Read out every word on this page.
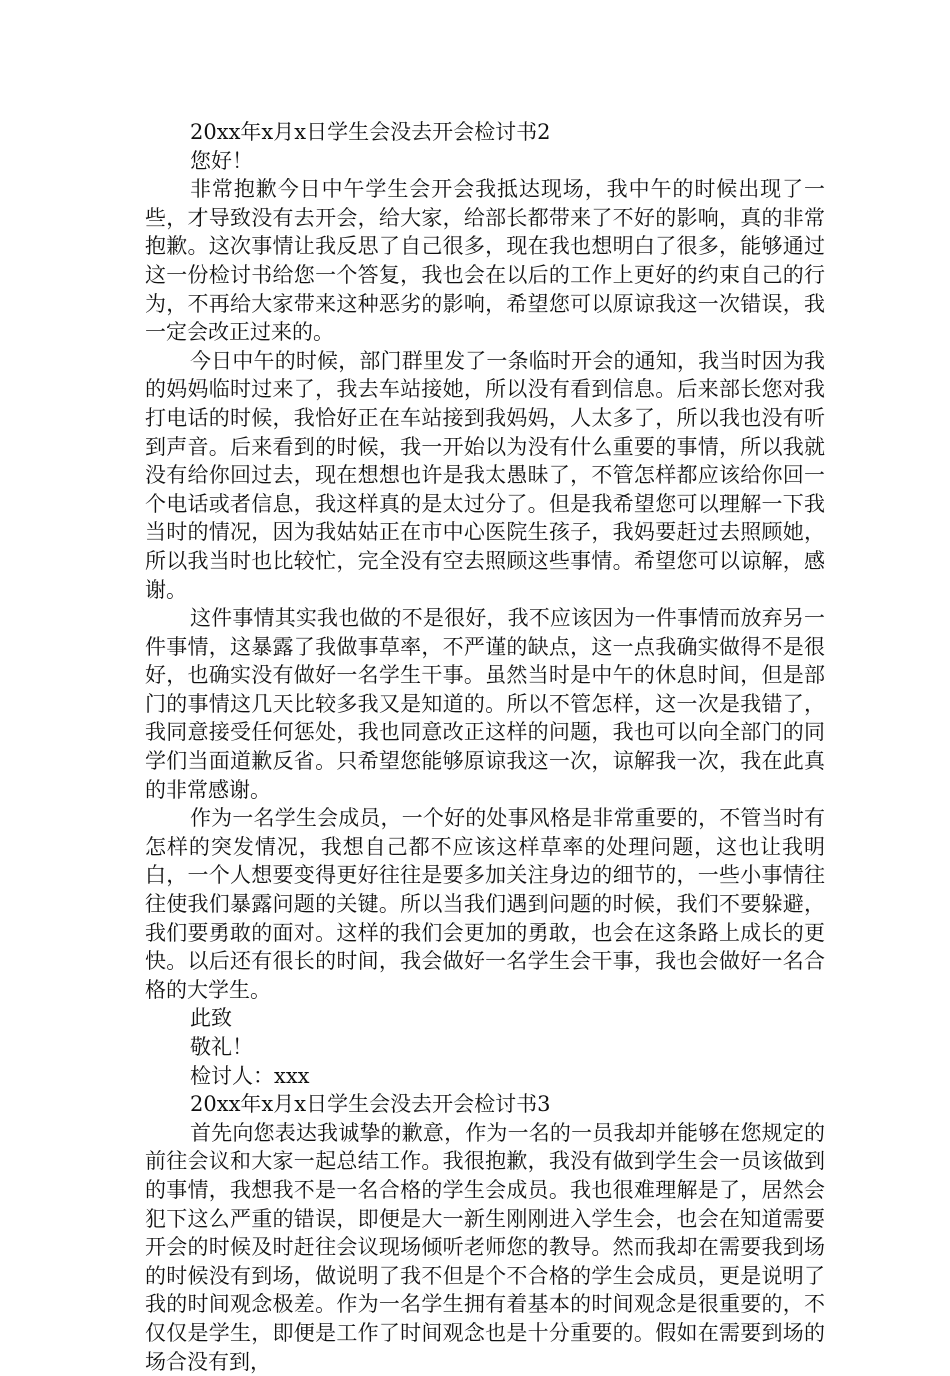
20xx年x月x日学生会没去开会检讨书2

您好！

非常抱歉今日中午学生会开会我抵达现场，我中午的时候出现了一些，才导致没有去开会，给大家，给部长都带来了不好的影响，真的非常抱歉。这次事情让我反思了自己很多，现在我也想明白了很多，能够通过这一份检讨书给您一个答复，我也会在以后的工作上更好的约束自己的行为，不再给大家带来这种恶劣的影响，希望您可以原谅我这一次错误，我一定会改正过来的。

今日中午的时候，部门群里发了一条临时开会的通知，我当时因为我的妈妈临时过来了，我去车站接她，所以没有看到信息。后来部长您对我打电话的时候，我恰好正在车站接到我妈妈，人太多了，所以我也没有听到声音。后来看到的时候，我一开始以为没有什么重要的事情，所以我就没有给你回过去，现在想想也许是我太愚昧了，不管怎样都应该给你回一个电话或者信息，我这样真的是太过分了。但是我希望您可以理解一下我当时的情况，因为我姑姑正在市中心医院生孩子，我妈要赶过去照顾她，所以我当时也比较忙，完全没有空去照顾这些事情。希望您可以谅解，感谢。

这件事情其实我也做的不是很好，我不应该因为一件事情而放弃另一件事情，这暴露了我做事草率，不严谨的缺点，这一点我确实做得不是很好，也确实没有做好一名学生干事。虽然当时是中午的休息时间，但是部门的事情这几天比较多我又是知道的。所以不管怎样，这一次是我错了，我同意接受任何惩处，我也同意改正这样的问题，我也可以向全部门的同学们当面道歉反省。只希望您能够原谅我这一次，谅解我一次，我在此真的非常感谢。

作为一名学生会成员，一个好的处事风格是非常重要的，不管当时有怎样的突发情况，我想自己都不应该这样草率的处理问题，这也让我明白，一个人想要变得更好往往是要多加关注身边的细节的，一些小事情往往使我们暴露问题的关键。所以当我们遇到问题的时候，我们不要躲避，我们要勇敢的面对。这样的我们会更加的勇敢，也会在这条路上成长的更快。以后还有很长的时间，我会做好一名学生会干事，我也会做好一名合格的大学生。

此致

敬礼！

检讨人：xxx

20xx年x月x日学生会没去开会检讨书3

首先向您表达我诚挚的歉意，作为一名的一员我却并能够在您规定的前往会议和大家一起总结工作。我很抱歉，我没有做到学生会一员该做到的事情，我想我不是一名合格的学生会成员。我也很难理解是了，居然会犯下这么严重的错误，即便是大一新生刚刚进入学生会，也会在知道需要开会的时候及时赶往会议现场倾听老师您的教导。然而我却在需要我到场的时候没有到场，做说明了我不但是个不合格的学生会成员，更是说明了我的时间观念极差。作为一名学生拥有着基本的时间观念是很重要的，不仅仅是学生，即便是工作了时间观念也是十分重要的。假如在需要到场的场合没有到，
